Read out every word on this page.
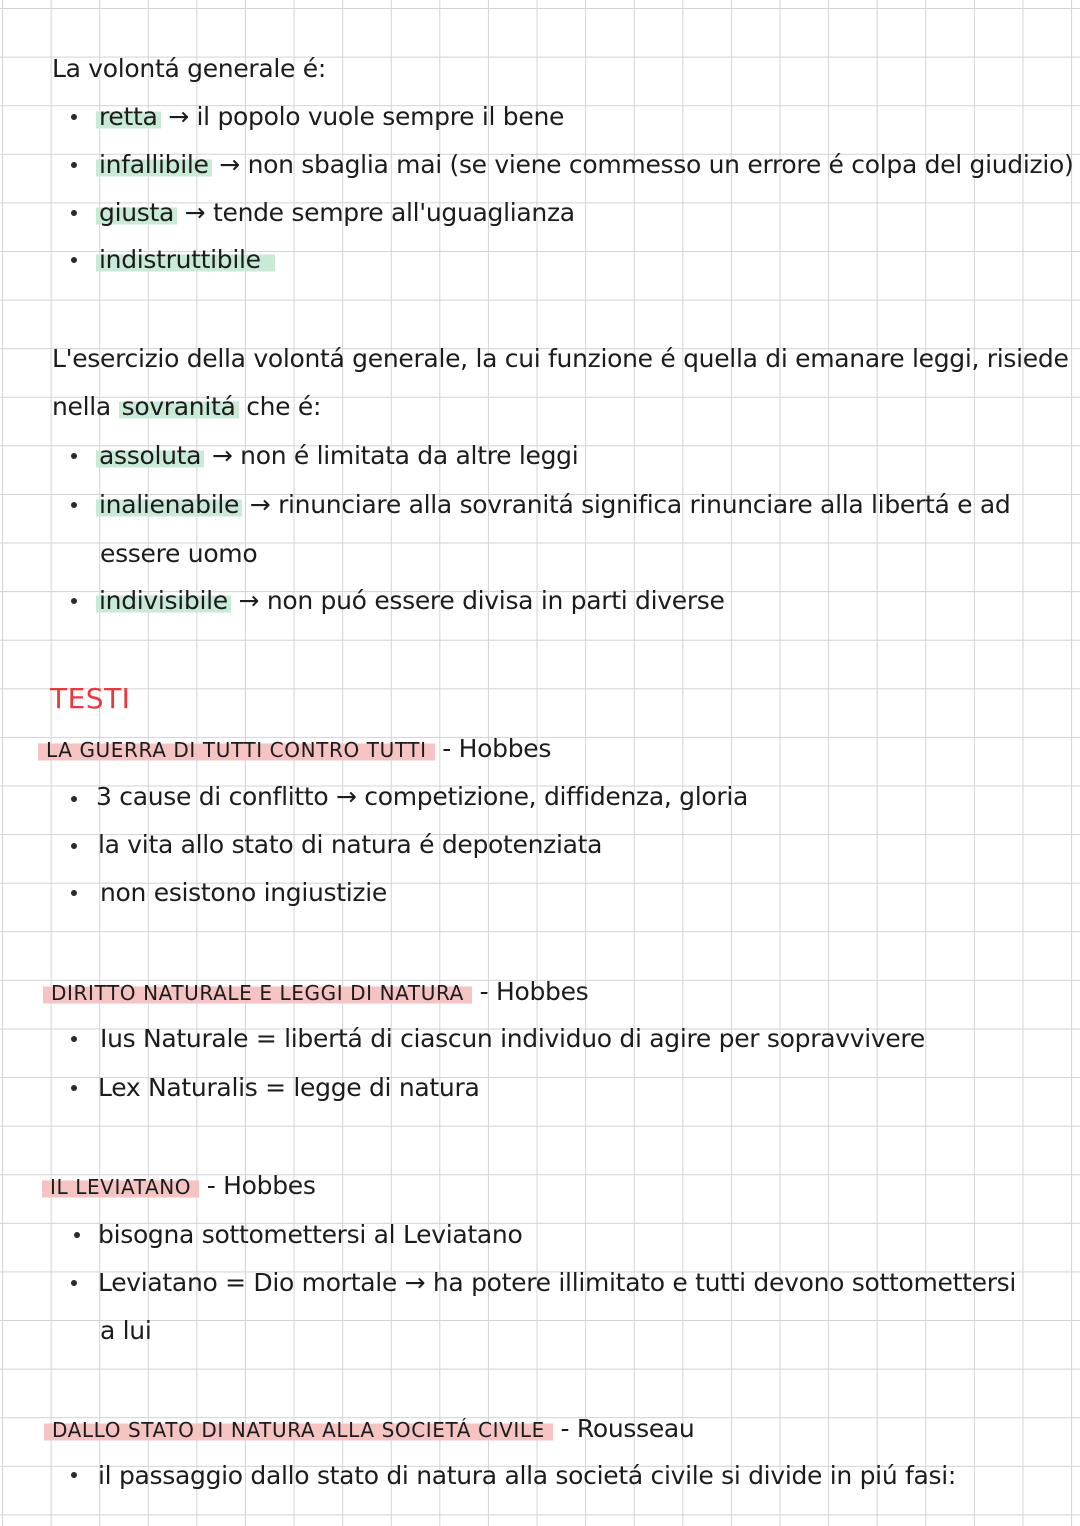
La volontá generale é:
retta → il popolo vuole sempre il bene
infallibile → non sbaglia mai (se viene commesso un errore é colpa del giudizio)
giusta → tende sempre all'uguaglianza
indistruttibile
L'esercizio della volontá generale, la cui funzione é quella di emanare leggi, risiede
nella sovranitá che é:
assoluta → non é limitata da altre leggi
inalienabile → rinunciare alla sovranitá significa rinunciare alla libertá e ad
essere uomo
indivisibile → non puó essere divisa in parti diverse
TESTI
LA GUERRA DI TUTTI CONTRO TUTTI - Hobbes
3 cause di conflitto → competizione, diffidenza, gloria
la vita allo stato di natura é depotenziata
non esistono ingiustizie
DIRITTO NATURALE E LEGGI DI NATURA - Hobbes
Ius Naturale = libertá di ciascun individuo di agire per sopravvivere
Lex Naturalis = legge di natura
IL LEVIATANO - Hobbes
bisogna sottomettersi al Leviatano
Leviatano = Dio mortale → ha potere illimitato e tutti devono sottomettersi
a lui
DALLO STATO DI NATURA ALLA SOCIETÁ CIVILE - Rousseau
il passaggio dallo stato di natura alla societá civile si divide in piú fasi:
